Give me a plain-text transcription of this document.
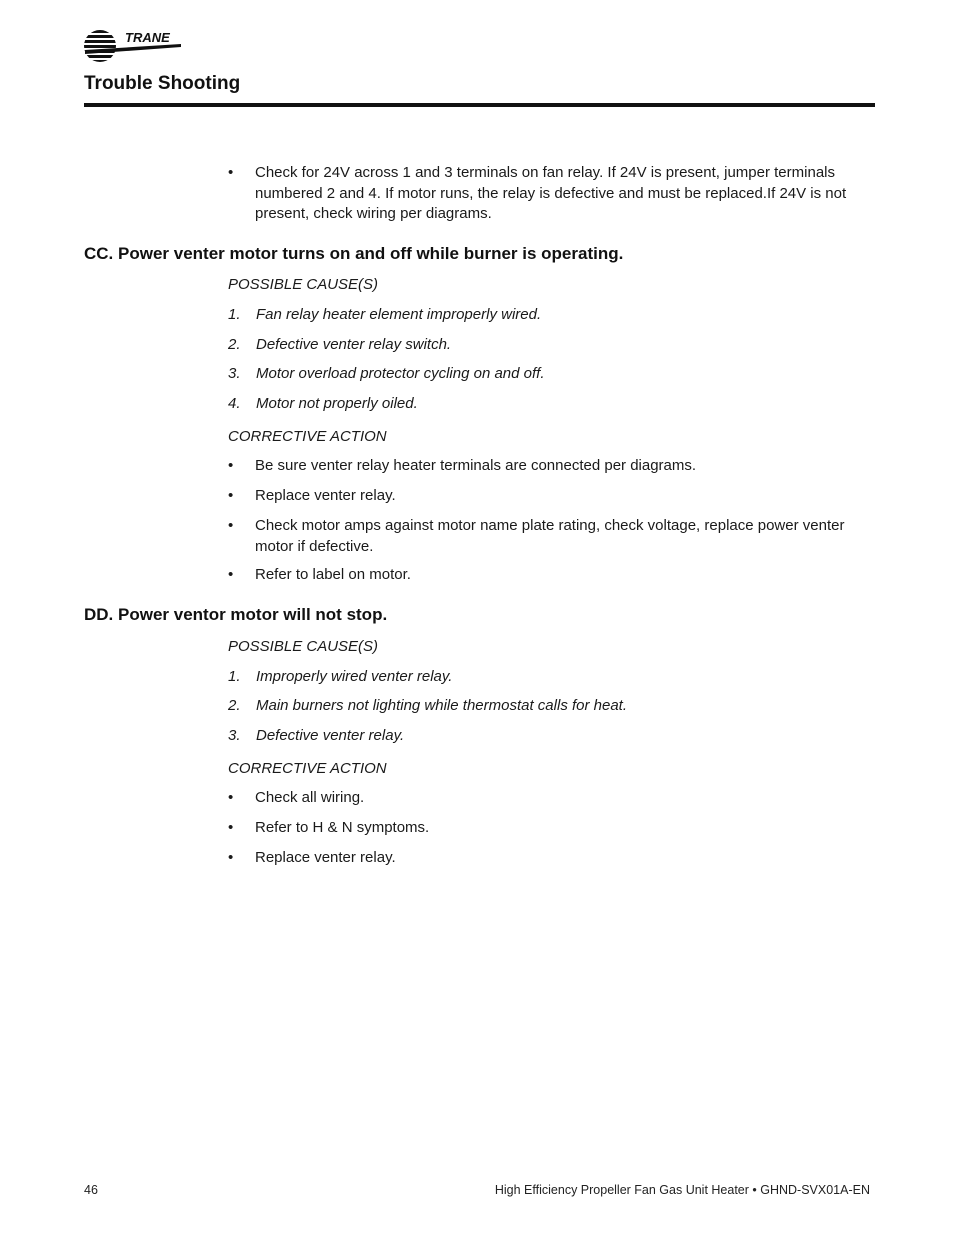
TRANE
Trouble Shooting
• Check for 24V across 1 and 3 terminals on fan relay. If 24V is present, jumper terminals numbered 2 and 4. If motor runs, the relay is defective and must be replaced.If 24V is not present, check wiring per diagrams.
CC. Power venter motor turns on and off while burner is operating.
POSSIBLE CAUSE(S)
1. Fan relay heater element improperly wired.
2. Defective venter relay switch.
3. Motor overload protector cycling on and off.
4. Motor not properly oiled.
CORRECTIVE ACTION
• Be sure venter relay heater terminals are connected per diagrams.
• Replace venter relay.
• Check motor amps against motor name plate rating, check voltage, replace power venter motor if defective.
• Refer to label on motor.
DD. Power ventor motor will not stop.
POSSIBLE CAUSE(S)
1. Improperly wired venter relay.
2. Main burners not lighting while thermostat calls for heat.
3. Defective venter relay.
CORRECTIVE ACTION
• Check all wiring.
• Refer to H & N symptoms.
• Replace venter relay.
46	High Efficiency Propeller Fan Gas Unit Heater • GHND-SVX01A-EN
